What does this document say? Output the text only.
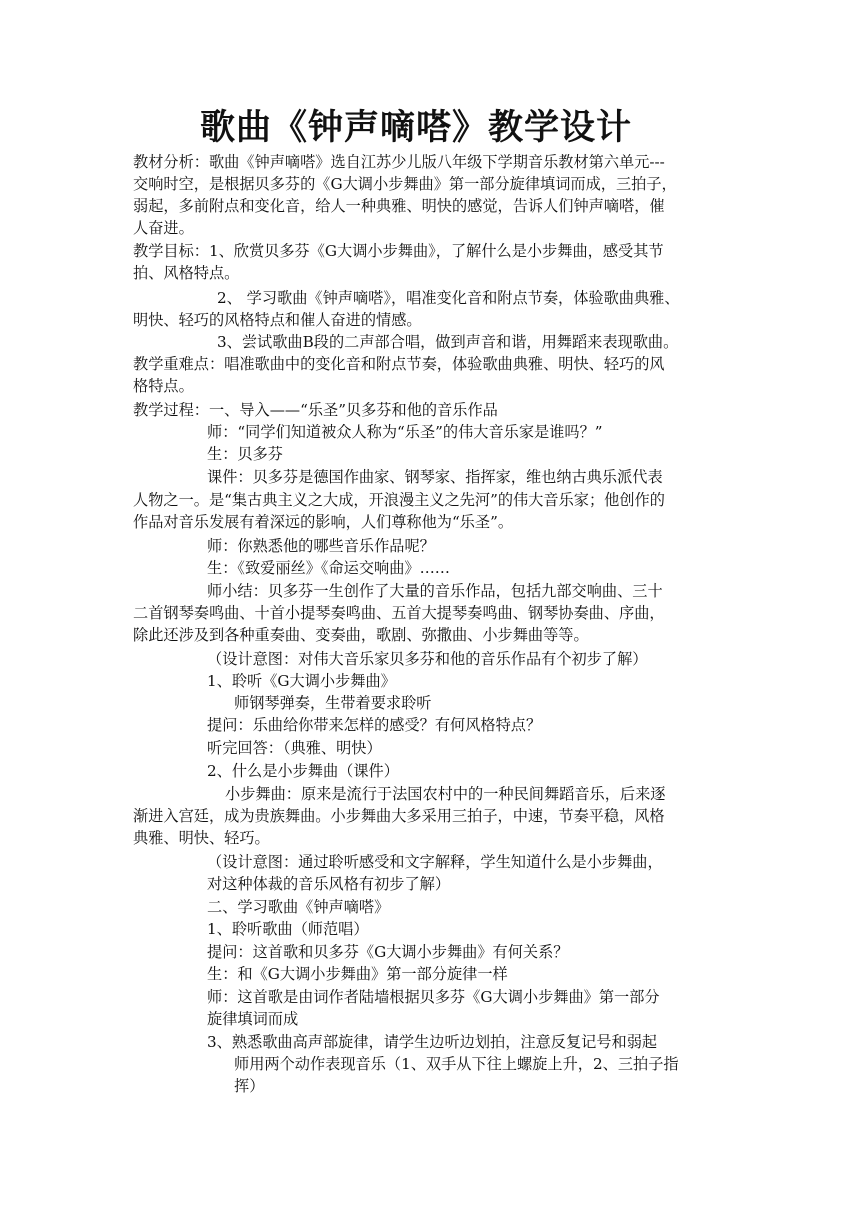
歌曲《钟声嘀嗒》教学设计
教材分析：歌曲《钟声嘀嗒》选自江苏少儿版八年级下学期音乐教材第六单元---
交响时空，是根据贝多芬的《G大调小步舞曲》第一部分旋律填词而成，三拍子，
弱起，多前附点和变化音，给人一种典雅、明快的感觉，告诉人们钟声嘀嗒，催
人奋进。
教学目标：1、欣赏贝多芬《G大调小步舞曲》，了解什么是小步舞曲，感受其节
拍、风格特点。
2、 学习歌曲《钟声嘀嗒》，唱准变化音和附点节奏，体验歌曲典雅、
明快、轻巧的风格特点和催人奋进的情感。
3、尝试歌曲B段的二声部合唱，做到声音和谐，用舞蹈来表现歌曲。
教学重难点：唱准歌曲中的变化音和附点节奏，体验歌曲典雅、明快、轻巧的风
格特点。
教学过程：一、导入——“乐圣”贝多芬和他的音乐作品
师：“同学们知道被众人称为“乐圣”的伟大音乐家是谁吗？”
生：贝多芬
课件：贝多芬是德国作曲家、钢琴家、指挥家，维也纳古典乐派代表
人物之一。是“集古典主义之大成，开浪漫主义之先河”的伟大音乐家；他创作的
作品对音乐发展有着深远的影响，人们尊称他为“乐圣”。
师：你熟悉他的哪些音乐作品呢？
生：《致爱丽丝》《命运交响曲》……
师小结：贝多芬一生创作了大量的音乐作品，包括九部交响曲、三十
二首钢琴奏鸣曲、十首小提琴奏鸣曲、五首大提琴奏鸣曲、钢琴协奏曲、序曲，
除此还涉及到各种重奏曲、变奏曲，歌剧、弥撒曲、小步舞曲等等。
（设计意图：对伟大音乐家贝多芬和他的音乐作品有个初步了解）
1、聆听《G大调小步舞曲》
师钢琴弹奏，生带着要求聆听
提问：乐曲给你带来怎样的感受？有何风格特点？
听完回答：（典雅、明快）
2、什么是小步舞曲（课件）
小步舞曲：原来是流行于法国农村中的一种民间舞蹈音乐，后来逐
渐进入宫廷，成为贵族舞曲。小步舞曲大多采用三拍子，中速，节奏平稳，风格
典雅、明快、轻巧。
（设计意图：通过聆听感受和文字解释，学生知道什么是小步舞曲，
对这种体裁的音乐风格有初步了解）
二、学习歌曲《钟声嘀嗒》
1、聆听歌曲（师范唱）
提问：这首歌和贝多芬《G大调小步舞曲》有何关系？
生：和《G大调小步舞曲》第一部分旋律一样
师：这首歌是由词作者陆墙根据贝多芬《G大调小步舞曲》第一部分
旋律填词而成
3、熟悉歌曲高声部旋律，请学生边听边划拍，注意反复记号和弱起
师用两个动作表现音乐（1、双手从下往上螺旋上升，2、三拍子指
挥）
